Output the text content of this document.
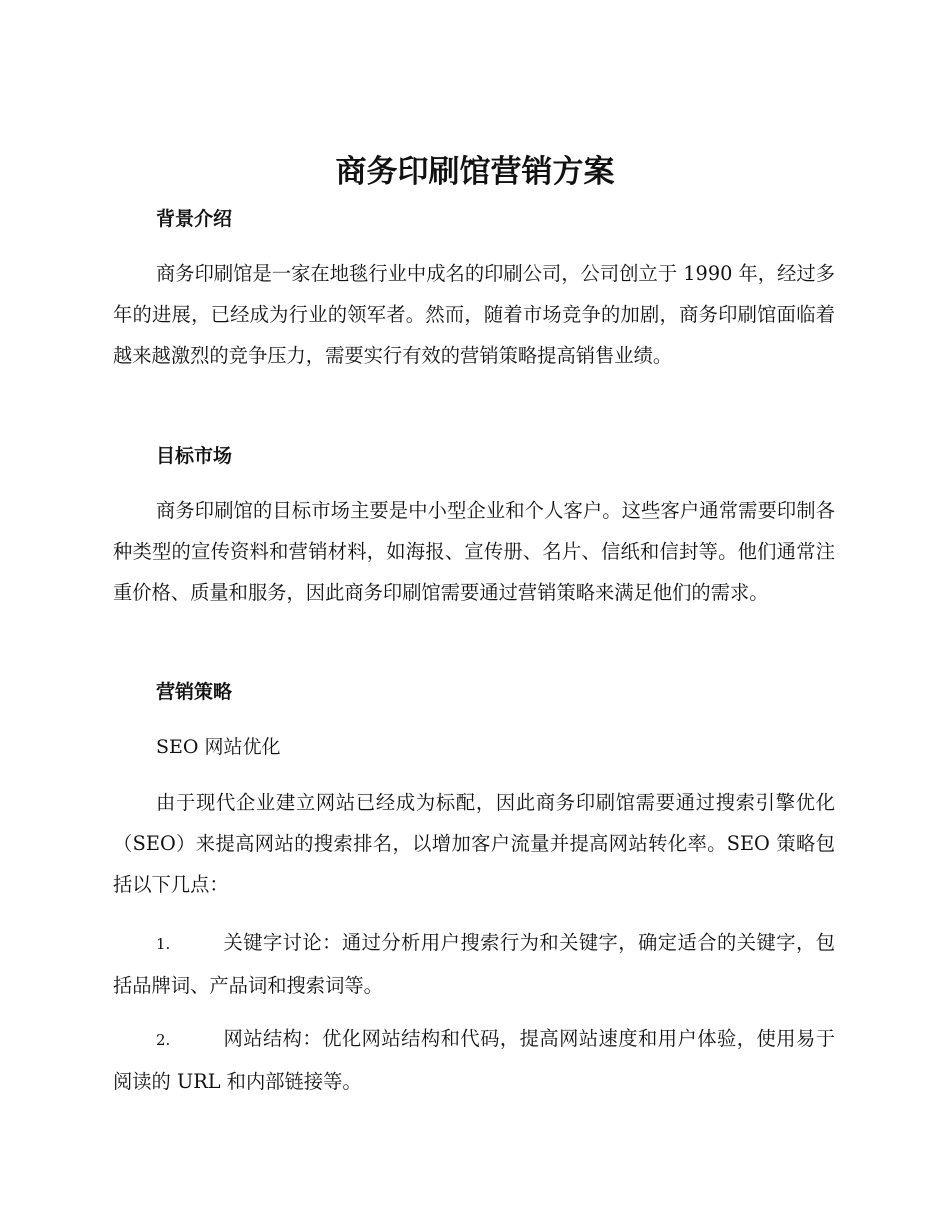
商务印刷馆营销方案
背景介绍

商务印刷馆是一家在地毯行业中成名的印刷公司，公司创立于 1990 年，经过多年的进展，已经成为行业的领军者。然而，随着市场竞争的加剧，商务印刷馆面临着越来越激烈的竞争压力，需要实行有效的营销策略提高销售业绩。

目标市场

商务印刷馆的目标市场主要是中小型企业和个人客户。这些客户通常需要印制各种类型的宣传资料和营销材料，如海报、宣传册、名片、信纸和信封等。他们通常注重价格、质量和服务，因此商务印刷馆需要通过营销策略来满足他们的需求。

营销策略
SEO 网站优化

由于现代企业建立网站已经成为标配，因此商务印刷馆需要通过搜索引擎优化（SEO）来提高网站的搜索排名，以增加客户流量并提高网站转化率。SEO 策略包括以下几点：

1.	关键字讨论：通过分析用户搜索行为和关键字，确定适合的关键字，包括品牌词、产品词和搜索词等。

2.	网站结构：优化网站结构和代码，提高网站速度和用户体验，使用易于阅读的 URL 和内部链接等。
